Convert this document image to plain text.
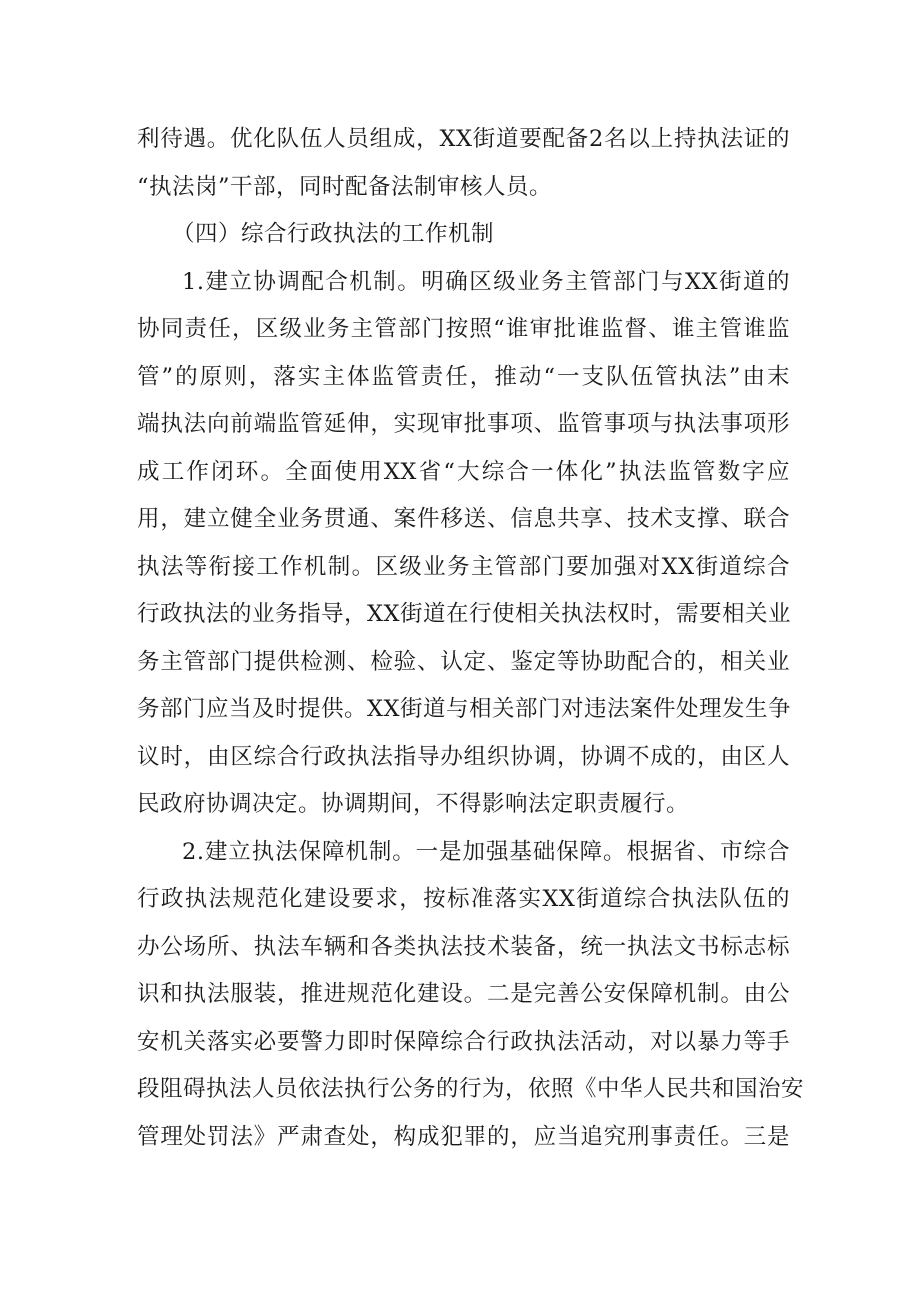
利待遇。优化队伍人员组成，XX街道要配备2名以上持执法证的
“执法岗”干部，同时配备法制审核人员。
（四）综合行政执法的工作机制
1.建立协调配合机制。明确区级业务主管部门与XX街道的
协同责任，区级业务主管部门按照“谁审批谁监督、谁主管谁监
管”的原则，落实主体监管责任，推动“一支队伍管执法”由末
端执法向前端监管延伸，实现审批事项、监管事项与执法事项形
成工作闭环。全面使用XX省“大综合一体化”执法监管数字应
用，建立健全业务贯通、案件移送、信息共享、技术支撑、联合
执法等衔接工作机制。区级业务主管部门要加强对XX街道综合
行政执法的业务指导，XX街道在行使相关执法权时，需要相关业
务主管部门提供检测、检验、认定、鉴定等协助配合的，相关业
务部门应当及时提供。XX街道与相关部门对违法案件处理发生争
议时，由区综合行政执法指导办组织协调，协调不成的，由区人
民政府协调决定。协调期间，不得影响法定职责履行。
2.建立执法保障机制。一是加强基础保障。根据省、市综合
行政执法规范化建设要求，按标准落实XX街道综合执法队伍的
办公场所、执法车辆和各类执法技术装备，统一执法文书标志标
识和执法服装，推进规范化建设。二是完善公安保障机制。由公
安机关落实必要警力即时保障综合行政执法活动，对以暴力等手
段阻碍执法人员依法执行公务的行为，依照《中华人民共和国治安
管理处罚法》严肃查处，构成犯罪的，应当追究刑事责任。三是
